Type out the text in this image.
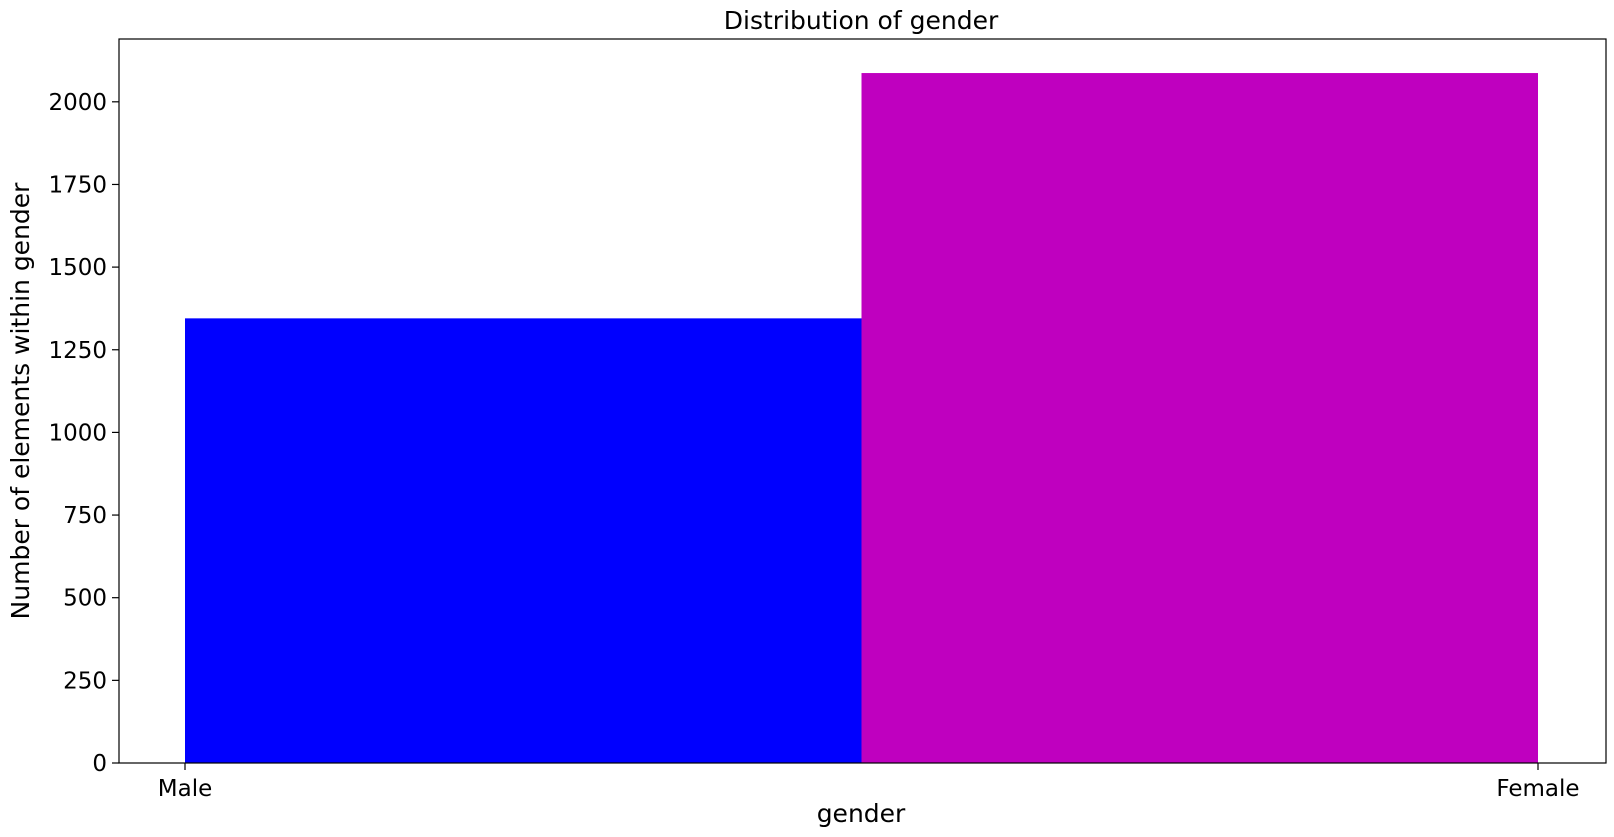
Distribution of gender
0
250
500
750
1000
1250
1500
1750
2000
Male	Female
gender
Number of elements within gender
